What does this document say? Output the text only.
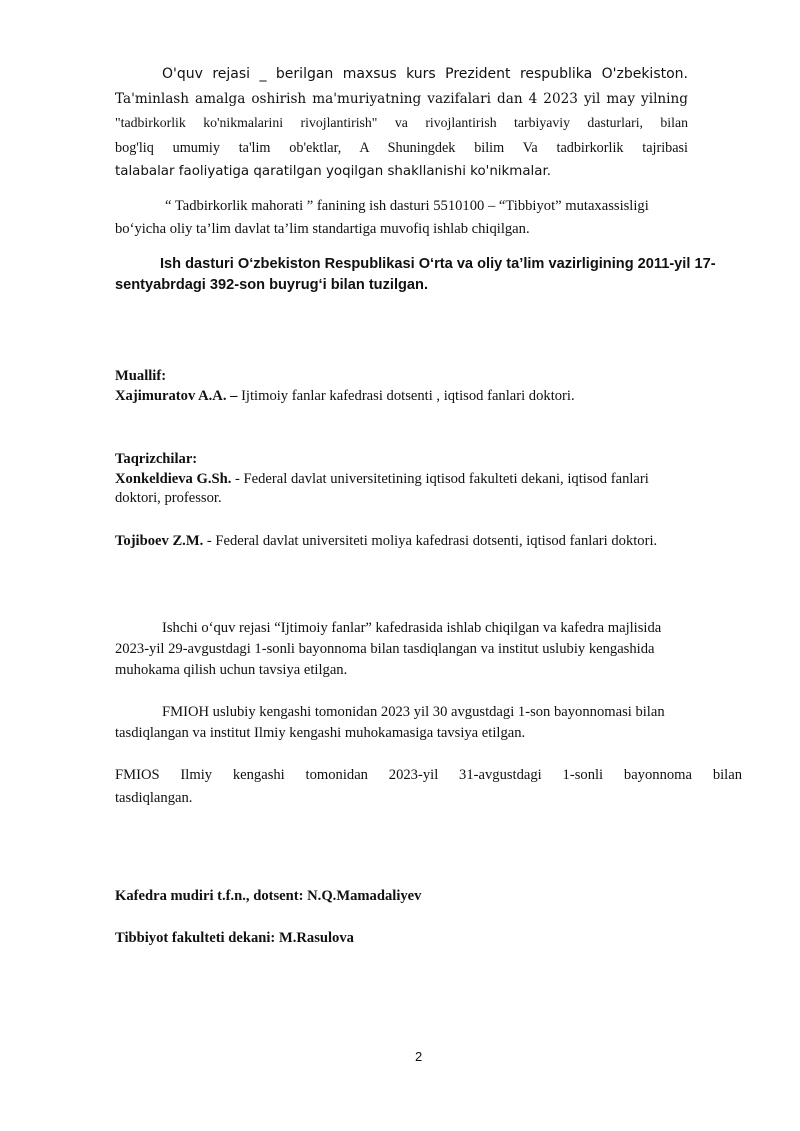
O'quv rejasi _ berilgan maxsus kurs Prezident respublika O'zbekiston.
Ta'minlash amalga oshirish ma'muriyatning vazifalari dan 4 2023 yil may yilning
"tadbirkorlik ko'nikmalarini rivojlantirish" va rivojlantirish tarbiyaviy dasturlari, bilan
bog'liq umumiy ta'lim ob'ektlar, A Shuningdek bilim Va tadbirkorlik tajribasi
talabalar faoliyatiga qaratilgan yoqilgan shakllanishi ko'nikmalar.
“ Tadbirkorlik mahorati ” fanining ish dasturi 5510100 – “Tibbiyot” mutaxassisligi
bo‘yicha oliy ta’lim davlat ta’lim standartiga muvofiq ishlab chiqilgan.
Ish dasturi O‘zbekiston Respublikasi O‘rta va oliy ta’lim vazirligining 2011-yil 17-
sentyabrdagi 392-son buyrug‘i bilan tuzilgan.
Muallif:
Xajimuratov A.A. – Ijtimoiy fanlar kafedrasi dotsenti , iqtisod fanlari doktori.
Taqrizchilar:
Xonkeldieva G.Sh. - Federal davlat universitetining iqtisod fakulteti dekani, iqtisod fanlari
doktori, professor.
Tojiboev Z.M. - Federal davlat universiteti moliya kafedrasi dotsenti, iqtisod fanlari doktori.
Ishchi o‘quv rejasi “Ijtimoiy fanlar” kafedrasida ishlab chiqilgan va kafedra majlisida
2023-yil 29-avgustdagi 1-sonli bayonnoma bilan tasdiqlangan va institut uslubiy kengashida
muhokama qilish uchun tavsiya etilgan.
FMIOH uslubiy kengashi tomonidan 2023 yil 30 avgustdagi 1-son bayonnomasi bilan
tasdiqlangan va institut Ilmiy kengashi muhokamasiga tavsiya etilgan.
FMIOS Ilmiy kengashi tomonidan 2023-yil 31-avgustdagi 1-sonli bayonnoma bilan
tasdiqlangan.
Kafedra mudiri t.f.n., dotsent: N.Q.Mamadaliyev
Tibbiyot fakulteti dekani: M.Rasulova
2
